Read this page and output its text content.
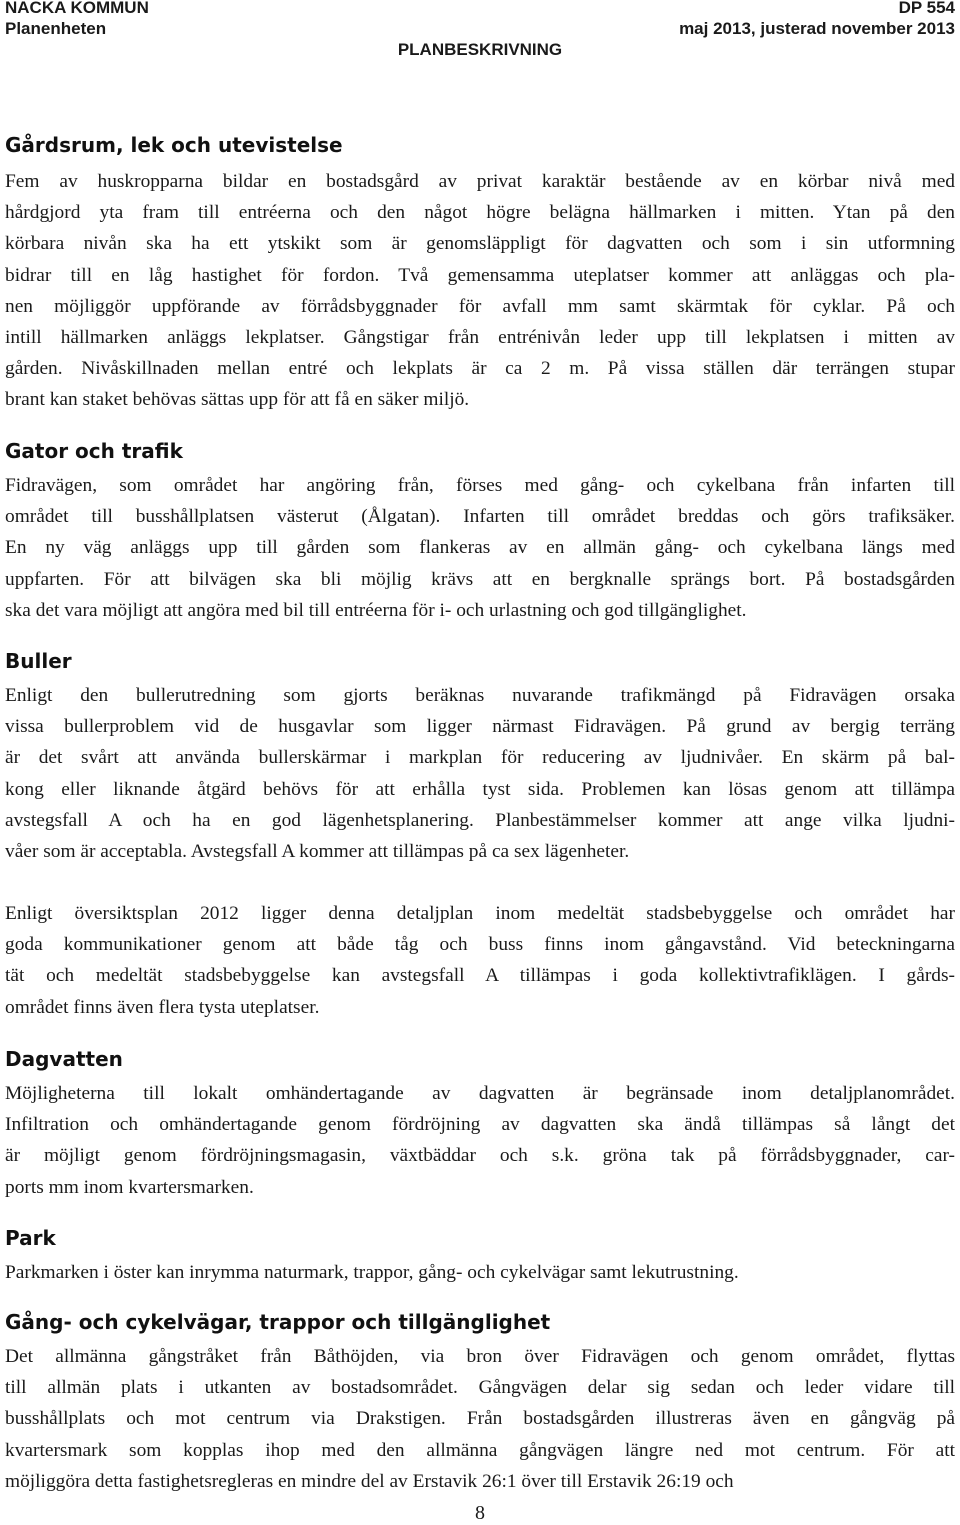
NACKA KOMMUN
Planenheten
PLANBESKRIVNING
DP 554
maj 2013, justerad november 2013
Gårdsrum, lek och utevistelse

Fem av huskropparna bildar en bostadsgård av privat karaktär bestående av en körbar nivå med
hårdgjord yta fram till entréerna och den något högre belägna hällmarken i mitten. Ytan på den
körbara nivån ska ha ett ytskikt som är genomsläppligt för dagvatten och som i sin utformning
bidrar till en låg hastighet för fordon. Två gemensamma uteplatser kommer att anläggas och pla-
nen möjliggör uppförande av förrådsbyggnader för avfall mm samt skärmtak för cyklar. På och
intill hällmarken anläggs lekplatser. Gångstigar från entrénivån leder upp till lekplatsen i mitten av
gården. Nivåskillnaden mellan entré och lekplats är ca 2 m. På vissa ställen där terrängen stupar
brant kan staket behövas sättas upp för att få en säker miljö.

Gator och trafik

Fidravägen, som området har angöring från, förses med gång- och cykelbana från infarten till
området till busshållplatsen västerut (Ålgatan). Infarten till området breddas och görs trafiksäker.
En ny väg anläggs upp till gården som flankeras av en allmän gång- och cykelbana längs med
uppfarten. För att bilvägen ska bli möjlig krävs att en bergknalle sprängs bort. På bostadsgården
ska det vara möjligt att angöra med bil till entréerna för i- och urlastning och god tillgänglighet.

Buller

Enligt den bullerutredning som gjorts beräknas nuvarande trafikmängd på Fidravägen orsaka
vissa bullerproblem vid de husgavlar som ligger närmast Fidravägen. På grund av bergig terräng
är det svårt att använda bullerskärmar i markplan för reducering av ljudnivåer. En skärm på bal-
kong eller liknande åtgärd behövs för att erhålla tyst sida. Problemen kan lösas genom att tillämpa
avstegsfall A och ha en god lägenhetsplanering. Planbestämmelser kommer att ange vilka ljudni-
våer som är acceptabla. Avstegsfall A kommer att tillämpas på ca sex lägenheter.

Enligt översiktsplan 2012 ligger denna detaljplan inom medeltät stadsbebyggelse och området har
goda kommunikationer genom att både tåg och buss finns inom gångavstånd. Vid beteckningarna
tät och medeltät stadsbebyggelse kan avstegsfall A tillämpas i goda kollektivtrafiklägen. I gårds-
området finns även flera tysta uteplatser.

Dagvatten

Möjligheterna till lokalt omhändertagande av dagvatten är begränsade inom detaljplanområdet.
Infiltration och omhändertagande genom fördröjning av dagvatten ska ändå tillämpas så långt det
är möjligt genom fördröjningsmagasin, växtbäddar och s.k. gröna tak på förrådsbyggnader, car-
ports mm inom kvartersmarken.

Park

Parkmarken i öster kan inrymma naturmark, trappor, gång- och cykelvägar samt lekutrustning.

Gång- och cykelvägar, trappor och tillgänglighet

Det allmänna gångstråket från Båthöjden, via bron över Fidravägen och genom området, flyttas
till allmän plats i utkanten av bostadsområdet. Gångvägen delar sig sedan och leder vidare till
busshållplats och mot centrum via Drakstigen. Från bostadsgården illustreras även en gångväg på
kvartersmark som kopplas ihop med den allmänna gångvägen längre ned mot centrum. För att
möjliggöra detta fastighetsregleras en mindre del av Erstavik 26:1 över till Erstavik 26:19 och

8
